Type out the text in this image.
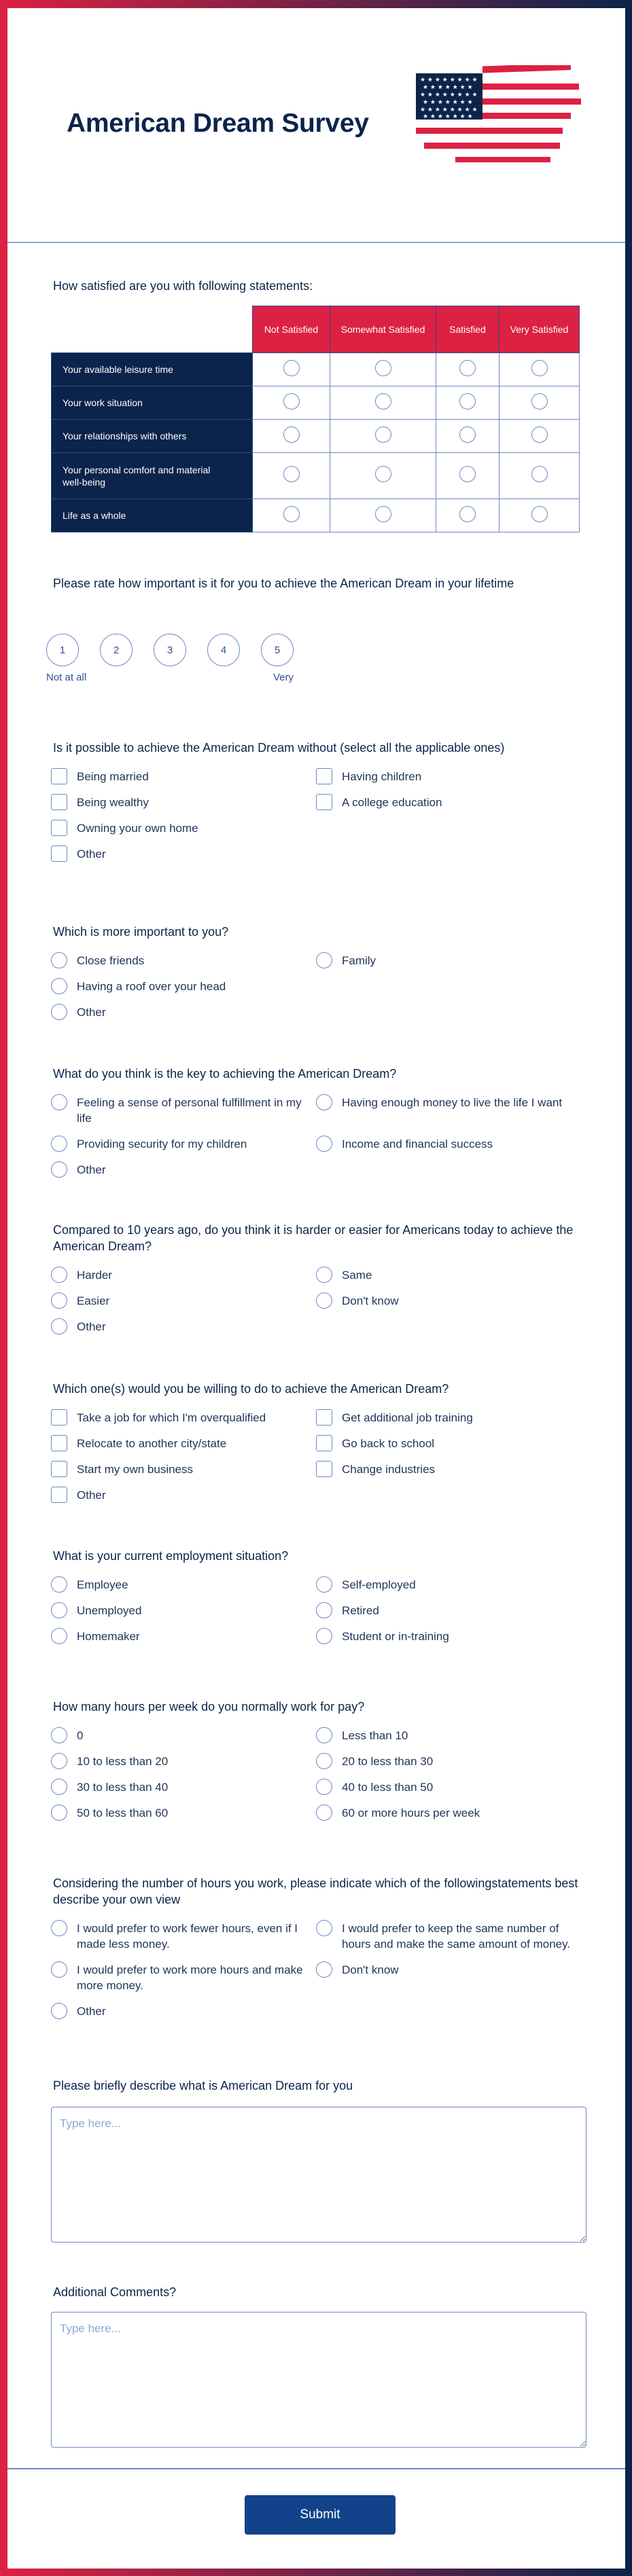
American Dream Survey
★ ★ ★ ★ ★ ★ ★ ★
★ ★ ★ ★ ★ ★ ★
★ ★ ★ ★ ★ ★ ★ ★
★ ★ ★ ★ ★ ★ ★
★ ★ ★ ★ ★ ★ ★ ★
★ ★ ★ ★ ★ ★ ★
How satisfied are you with following statements:
	Not Satisfied	Somewhat Satisfied	Satisfied	Very Satisfied
Your available leisure time				
Your work situation				
Your relationships with others				
Your personal comfort and material well-being				
Life as a whole				
Please rate how important is it for you to achieve the American Dream in your lifetime
1	2	3	4	5
Not at all	Very
Is it possible to achieve the American Dream without (select all the applicable ones)
Being married	Having children
Being wealthy	A college education
Owning your own home
Other
Which is more important to you?
Close friends	Family
Having a roof over your head
Other
What do you think is the key to achieving the American Dream?
Feeling a sense of personal fulfillment in my life
Having enough money to live the life I want
Providing security for my children	Income and financial success
Other
Compared to 10 years ago, do you think it is harder or easier for Americans today to achieve the American Dream?
Harder	Same
Easier	Don't know
Other
Which one(s) would you be willing to do to achieve the American Dream?
Take a job for which I'm overqualified	Get additional job training
Relocate to another city/state	Go back to school
Start my own business	Change industries
Other
What is your current employment situation?
Employee	Self-employed
Unemployed	Retired
Homemaker	Student or in-training
How many hours per week do you normally work for pay?
0	Less than 10
10 to less than 20	20 to less than 30
30 to less than 40	40 to less than 50
50 to less than 60	60 or more hours per week
Considering the number of hours you work, please indicate which of the followingstatements best describe your own view
I would prefer to work fewer hours, even if I made less money.
I would prefer to keep the same number of hours and make the same amount of money.
I would prefer to work more hours and make more money.
Don't know
Other
Please briefly describe what is American Dream for you
Type here...
Additional Comments?
Type here...
Submit
